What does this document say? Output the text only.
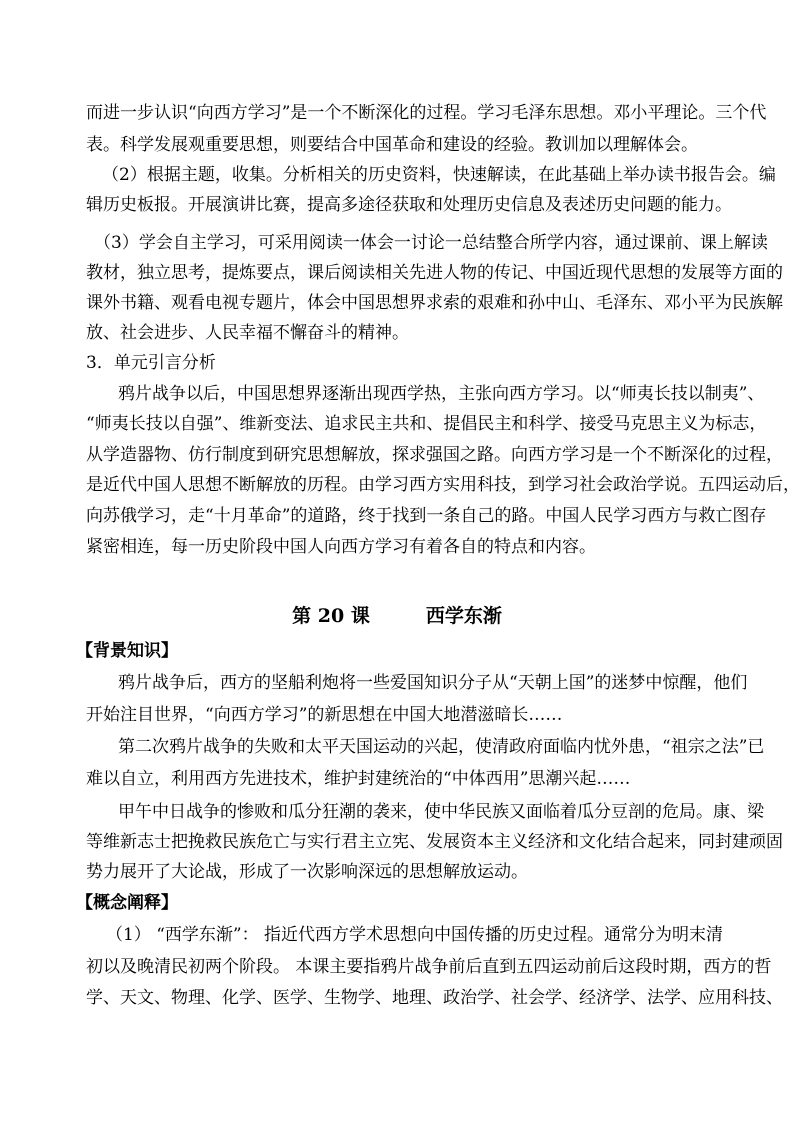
而进一步认识“向西方学习”是一个不断深化的过程。学习毛泽东思想。邓小平理论。三个代
表。科学发展观重要思想，则要结合中国革命和建设的经验。教训加以理解体会。
（2）根据主题，收集。分析相关的历史资料，快速解读，在此基础上举办读书报告会。编
辑历史板报。开展演讲比赛，提高多途径获取和处理历史信息及表述历史问题的能力。
（3）学会自主学习，可采用阅读一体会一讨论一总结整合所学内容，通过课前、课上解读
教材，独立思考，提炼要点，课后阅读相关先进人物的传记、中国近现代思想的发展等方面的
课外书籍、观看电视专题片，体会中国思想界求索的艰难和孙中山、毛泽东、邓小平为民族解
放、社会进步、人民幸福不懈奋斗的精神。
3．单元引言分析
鸦片战争以后，中国思想界逐渐出现西学热，主张向西方学习。以“师夷长技以制夷”、
“师夷长技以自强”、维新变法、追求民主共和、提倡民主和科学、接受马克思主义为标志，
从学造器物、仿行制度到研究思想解放，探求强国之路。向西方学习是一个不断深化的过程，
是近代中国人思想不断解放的历程。由学习西方实用科技，到学习社会政治学说。五四运动后，
向苏俄学习，走“十月革命”的道路，终于找到一条自己的路。中国人民学习西方与救亡图存
紧密相连，每一历史阶段中国人向西方学习有着各自的特点和内容。
第 20 课	西学东渐
【背景知识】
鸦片战争后，西方的坚船利炮将一些爱国知识分子从“天朝上国”的迷梦中惊醒，他们
开始注目世界，“向西方学习”的新思想在中国大地潜滋暗长……
第二次鸦片战争的失败和太平天国运动的兴起，使清政府面临内忧外患，“祖宗之法”已
难以自立，利用西方先进技术，维护封建统治的“中体西用”思潮兴起……
甲午中日战争的惨败和瓜分狂潮的袭来，使中华民族又面临着瓜分豆剖的危局。康、梁
等维新志士把挽救民族危亡与实行君主立宪、发展资本主义经济和文化结合起来，同封建顽固
势力展开了大论战，形成了一次影响深远的思想解放运动。
【概念阐释】
（1） “西学东渐”： 指近代西方学术思想向中国传播的历史过程。通常分为明末清
初以及晚清民初两个阶段。 本课主要指鸦片战争前后直到五四运动前后这段时期，西方的哲
学、天文、物理、化学、医学、生物学、地理、政治学、社会学、经济学、法学、应用科技、
